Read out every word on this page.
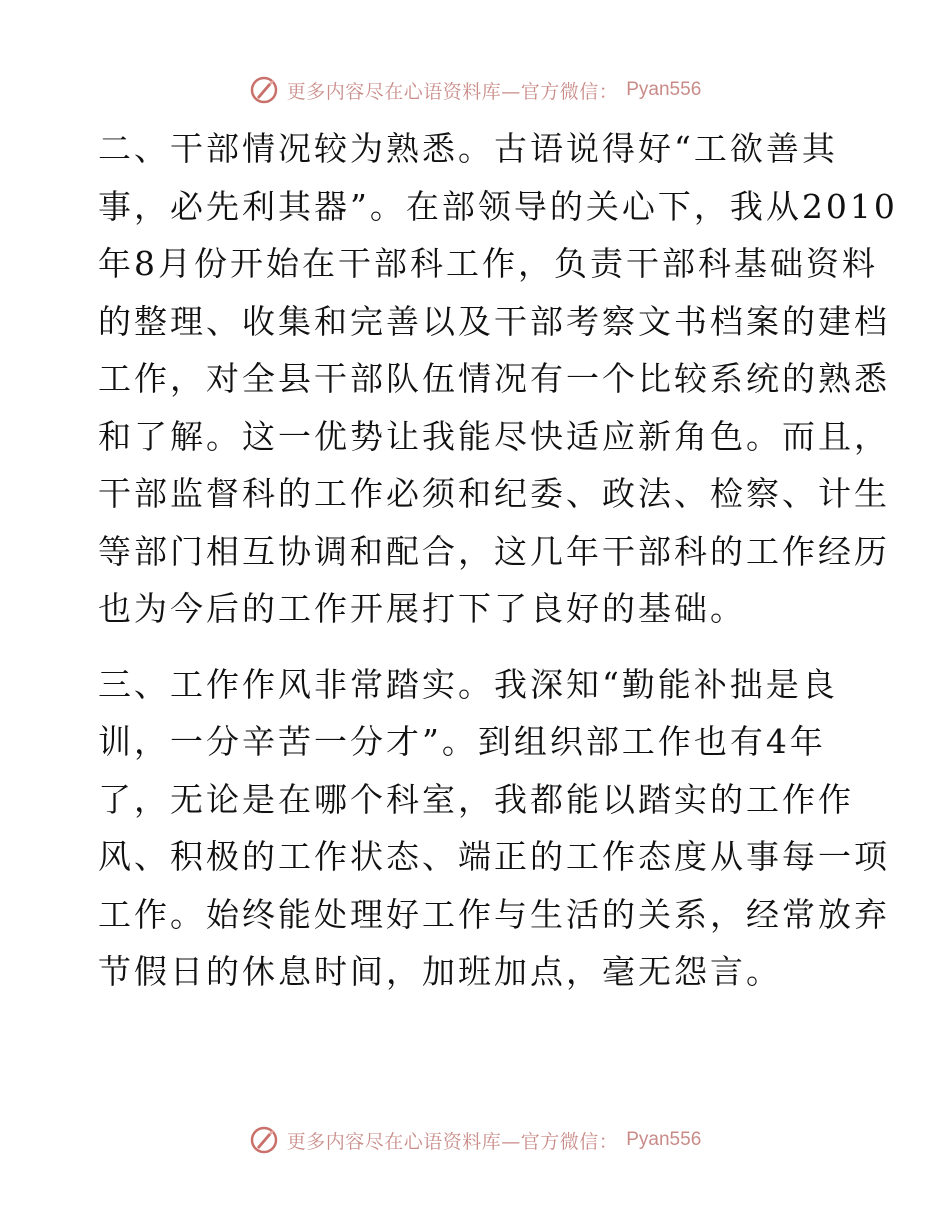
更多内容尽在心语资料库—官方微信： Pyan556

二、干部情况较为熟悉。古语说得好“工欲善其

事，必先利其器”。在部领导的关心下，我从2010

年8月份开始在干部科工作，负责干部科基础资料

的整理、收集和完善以及干部考察文书档案的建档

工作，对全县干部队伍情况有一个比较系统的熟悉

和了解。这一优势让我能尽快适应新角色。而且，

干部监督科的工作必须和纪委、政法、检察、计生

等部门相互协调和配合，这几年干部科的工作经历

也为今后的工作开展打下了良好的基础。

三、工作作风非常踏实。我深知“勤能补拙是良

训，一分辛苦一分才”。到组织部工作也有4年

了，无论是在哪个科室，我都能以踏实的工作作

风、积极的工作状态、端正的工作态度从事每一项

工作。始终能处理好工作与生活的关系，经常放弃

节假日的休息时间，加班加点，毫无怨言。

更多内容尽在心语资料库—官方微信： Pyan556
